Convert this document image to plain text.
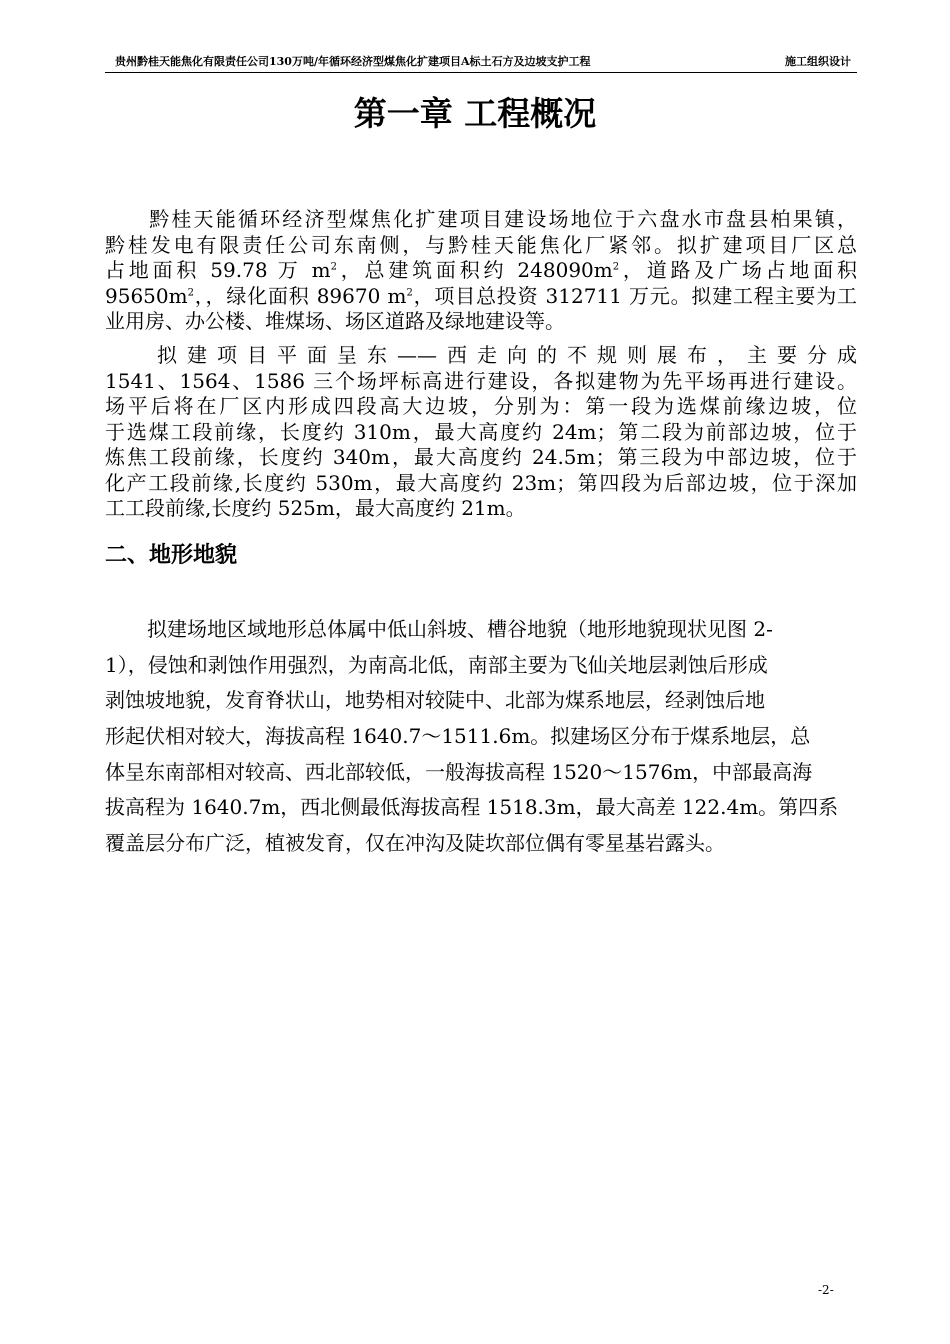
贵州黔桂天能焦化有限责任公司130万吨/年循环经济型煤焦化扩建项目A标土石方及边坡支护工程	施工组织设计
第一章 工程概况
黔桂天能循环经济型煤焦化扩建项目建设场地位于六盘水市盘县柏果镇，
黔桂发电有限责任公司东南侧，与黔桂天能焦化厂紧邻。拟扩建项目厂区总
占地面积 59.78 万 $m^2$，总建筑面积约 $248090m^2$，道路及广场占地面积
$95650m^2$，，绿化面积 89670 $m^2$，项目总投资 312711 万元。拟建工程主要为工
业用房、办公楼、堆煤场、场区道路及绿地建设等。
拟建项目平面呈东——西走向的不规则展布，主要分成
1541、1564、1586 三个场坪标高进行建设，各拟建物为先平场再进行建设。
场平后将在厂区内形成四段高大边坡，分别为：第一段为选煤前缘边坡，位
于选煤工段前缘，长度约 310m，最大高度约 24m；第二段为前部边坡，位于
炼焦工段前缘，长度约 340m，最大高度约 24.5m；第三段为中部边坡，位于
化产工段前缘,长度约 530m，最大高度约 23m；第四段为后部边坡，位于深加
工工段前缘,长度约 525m，最大高度约 21m。
二、地形地貌
拟建场地区域地形总体属中低山斜坡、槽谷地貌（地形地貌现状见图 2-
1），侵蚀和剥蚀作用强烈，为南高北低，南部主要为飞仙关地层剥蚀后形成
剥蚀坡地貌，发育脊状山，地势相对较陡中、北部为煤系地层，经剥蚀后地
形起伏相对较大，海拔高程 1640.7～1511.6m。拟建场区分布于煤系地层，总
体呈东南部相对较高、西北部较低，一般海拔高程 1520～1576m，中部最高海
拔高程为 1640.7m，西北侧最低海拔高程 1518.3m，最大高差 122.4m。第四系
覆盖层分布广泛，植被发育，仅在冲沟及陡坎部位偶有零星基岩露头。
-2-
